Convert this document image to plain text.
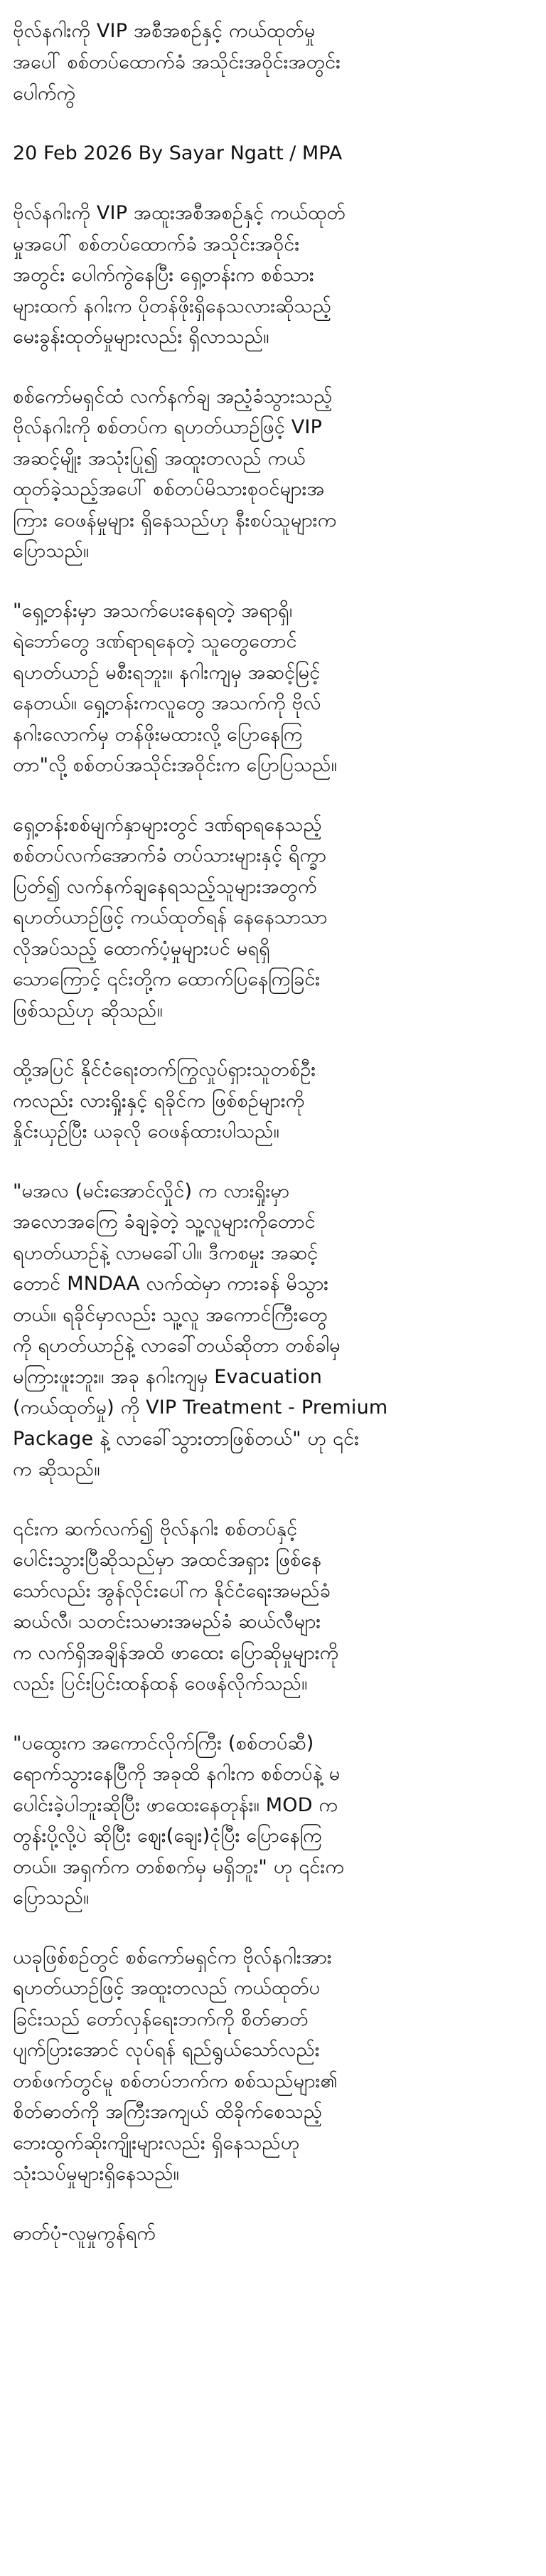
ဗိုလ်နဂါးကို VIP အစီအစဉ်နှင့် ကယ်ထုတ်မှု
အပေါ် စစ်တပ်ထောက်ခံ အသိုင်းအဝိုင်းအတွင်း
ပေါက်ကွဲ
20 Feb 2026 By Sayar Ngatt / MPA
ဗိုလ်နဂါးကို VIP အထူးအစီအစဉ်နှင့် ကယ်ထုတ်
မှုအပေါ် စစ်တပ်ထောက်ခံ အသိုင်းအဝိုင်း
အတွင်း ပေါက်ကွဲနေပြီး ရှေ့တန်းက စစ်သား
များထက် နဂါးက ပိုတန်ဖိုးရှိနေသလားဆိုသည့်
မေးခွန်းထုတ်မှုများလည်း ရှိလာသည်။
စစ်ကော်မရှင်ထံ လက်နက်ချ အညံ့ခံသွားသည့်
ဗိုလ်နဂါးကို စစ်တပ်က ရဟတ်ယာဉ်ဖြင့် VIP
အဆင့်မျိုး အသုံးပြု၍ အထူးတလည် ကယ်
ထုတ်ခဲ့သည့်အပေါ် စစ်တပ်မိသားစုဝင်များအ
ကြား ဝေဖန်မှုများ ရှိနေသည်ဟု နီးစပ်သူများက
ပြောသည်။
"ရှေ့တန်းမှာ အသက်ပေးနေရတဲ့ အရာရှိ၊
ရဲဘော်တွေ ဒဏ်ရာရနေတဲ့ သူတွေတောင်
ရဟတ်ယာဉ် မစီးရဘူး။ နဂါးကျမှ အဆင့်မြင့်
နေတယ်။ ရှေ့တန်းကလူတွေ အသက်ကို ဗိုလ်
နဂါးလောက်မှ တန်ဖိုးမထားလို့ ပြောနေကြ
တာ"လို့ စစ်တပ်အသိုင်းအဝိုင်းက ပြောပြသည်။
ရှေ့တန်းစစ်မျက်နှာများတွင် ဒဏ်ရာရနေသည့်
စစ်တပ်လက်အောက်ခံ တပ်သားများနှင့် ရိက္ခာ
ပြတ်၍ လက်နက်ချနေရသည့်သူများအတွက်
ရဟတ်ယာဉ်ဖြင့် ကယ်ထုတ်ရန် နေနေသာသာ
လိုအပ်သည့် ထောက်ပံ့မှုများပင် မရရှိ
သောကြောင့် ၎င်းတို့က ထောက်ပြနေကြခြင်း
ဖြစ်သည်ဟု ဆိုသည်။
ထို့အပြင် နိုင်ငံရေးတက်ကြွလှုပ်ရှားသူတစ်ဦး
ကလည်း လားရှိုးနှင့် ရခိုင်က ဖြစ်စဉ်များကို
နှိုင်းယှဉ်ပြီး ယခုလို ဝေဖန်ထားပါသည်။
"မအလ (မင်းအောင်လှိုင်) က လားရှိုးမှာ
အလောအကြေ ခံချခဲ့တဲ့ သူ့လူများကိုတောင်
ရဟတ်ယာဉ်နဲ့ လာမခေါ်ပါ။ ဒီကစမှုး အဆင့်
တောင် MNDAA လက်ထဲမှာ ကားခန် မိသွား
တယ်။ ရခိုင်မှာလည်း သူ့လူ အကောင်ကြီးတွေ
ကို ရဟတ်ယာဉ်နဲ့ လာခေါ်တယ်ဆိုတာ တစ်ခါမှ
မကြားဖူးဘူး။ အခု နဂါးကျမှ Evacuation
(ကယ်ထုတ်မှု) ကို VIP Treatment - Premium
Package နဲ့ လာခေါ်သွားတာဖြစ်တယ်" ဟု ၎င်း
က ဆိုသည်။
၎င်းက ဆက်လက်၍ ဗိုလ်နဂါး စစ်တပ်နှင့်
ပေါင်းသွားပြီဆိုသည်မှာ အထင်အရှား ဖြစ်နေ
သော်လည်း အွန်လိုင်းပေါ်က နိုင်ငံရေးအမည်ခံ
ဆယ်လီ၊ သတင်းသမားအမည်ခံ ဆယ်လီများ
က လက်ရှိအချိန်အထိ ဖာထေး ပြောဆိုမှုများကို
လည်း ပြင်းပြင်းထန်ထန် ဝေဖန်လိုက်သည်။
"ပထွေးက အကောင်လိုက်ကြီး (စစ်တပ်ဆီ)
ရောက်သွားနေပြီကို အခုထိ နဂါးက စစ်တပ်နဲ့ မ
ပေါင်းခဲ့ပါဘူးဆိုပြီး ဖာထေးနေတုန်း။ MOD က
တွန်းပို့လို့ပဲ ဆိုပြီး ဈေး(ချေး)ငုံပြီး ပြောနေကြ
တယ်။ အရှက်က တစ်စက်မှ မရှိဘူး" ဟု ၎င်းက
ပြောသည်။
ယခုဖြစ်စဉ်တွင် စစ်ကော်မရှင်က ဗိုလ်နဂါးအား
ရဟတ်ယာဉ်ဖြင့် အထူးတလည် ကယ်ထုတ်ပ
ခြင်းသည် တော်လှန်ရေးဘက်ကို စိတ်ဓာတ်
ပျက်ပြားအောင် လုပ်ရန် ရည်ရွယ်သော်လည်း
တစ်ဖက်တွင်မူ စစ်တပ်ဘက်က စစ်သည်များ၏
စိတ်ဓာတ်ကို အကြီးအကျယ် ထိခိုက်စေသည့်
ဘေးထွက်ဆိုးကျိုးများလည်း ရှိနေသည်ဟု
သုံးသပ်မှုများရှိနေသည်။
ဓာတ်ပုံ-လူမှုကွန်ရက်
